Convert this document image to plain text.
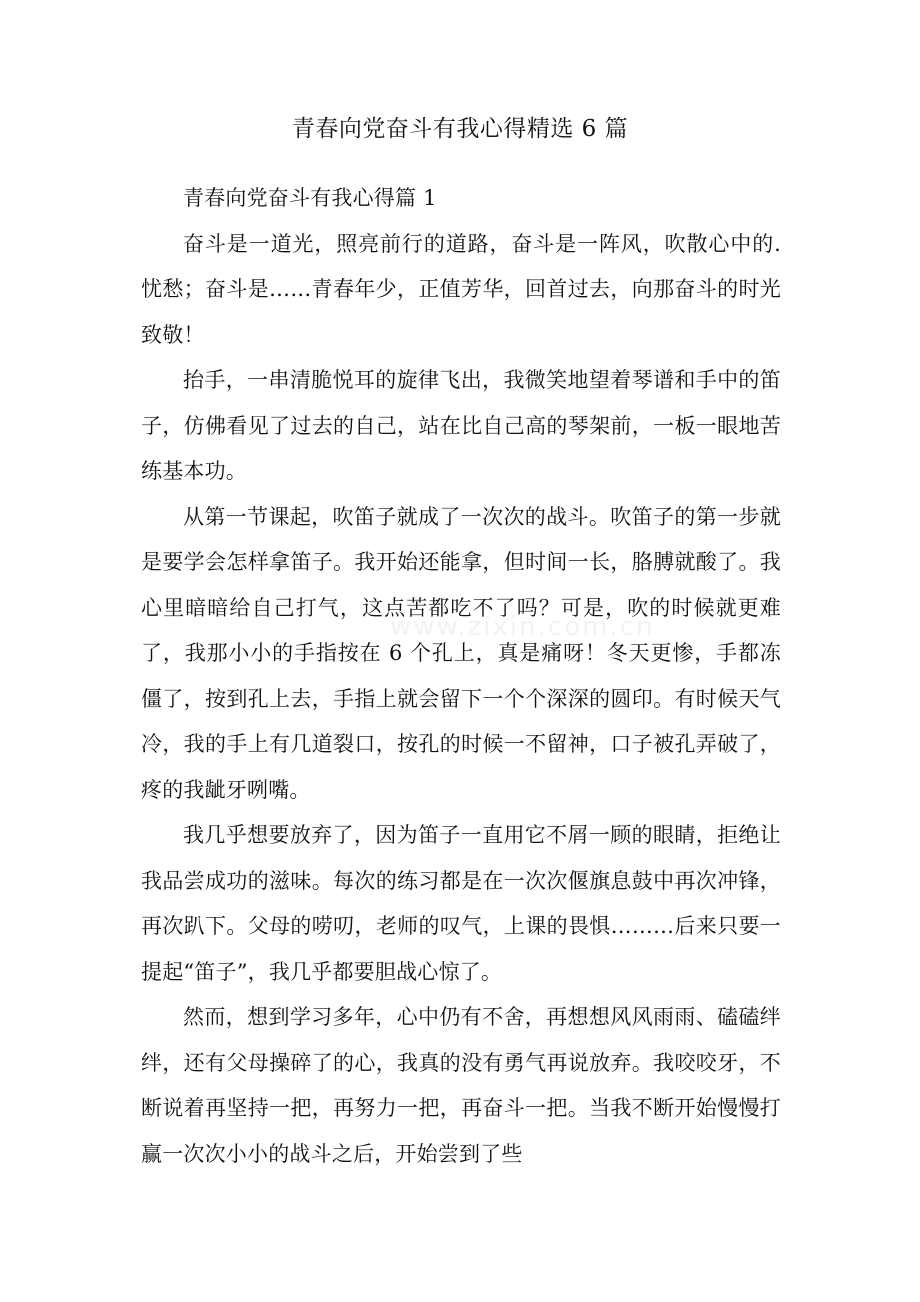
青春向党奋斗有我心得精选 6 篇

青春向党奋斗有我心得篇 1

奋斗是一道光，照亮前行的道路，奋斗是一阵风，吹散心中的.忧愁；奋斗是……青春年少，正值芳华，回首过去，向那奋斗的时光致敬！

抬手，一串清脆悦耳的旋律飞出，我微笑地望着琴谱和手中的笛子，仿佛看见了过去的自己，站在比自己高的琴架前，一板一眼地苦练基本功。

从第一节课起，吹笛子就成了一次次的战斗。吹笛子的第一步就是要学会怎样拿笛子。我开始还能拿，但时间一长，胳膊就酸了。我心里暗暗给自己打气，这点苦都吃不了吗？可是，吹的时候就更难了，我那小小的手指按在 6 个孔上，真是痛呀！冬天更惨，手都冻僵了，按到孔上去，手指上就会留下一个个深深的圆印。有时候天气冷，我的手上有几道裂口，按孔的时候一不留神，口子被孔弄破了，疼的我龇牙咧嘴。

我几乎想要放弃了，因为笛子一直用它不屑一顾的眼睛，拒绝让我品尝成功的滋味。每次的练习都是在一次次偃旗息鼓中再次冲锋，再次趴下。父母的唠叨，老师的叹气，上课的畏惧………后来只要一提起“笛子”，我几乎都要胆战心惊了。

然而，想到学习多年，心中仍有不舍，再想想风风雨雨、磕磕绊绊，还有父母操碎了的心，我真的没有勇气再说放弃。我咬咬牙，不断说着再坚持一把，再努力一把，再奋斗一把。当我不断开始慢慢打赢一次次小小的战斗之后，开始尝到了些

www.zixin.com.cn
